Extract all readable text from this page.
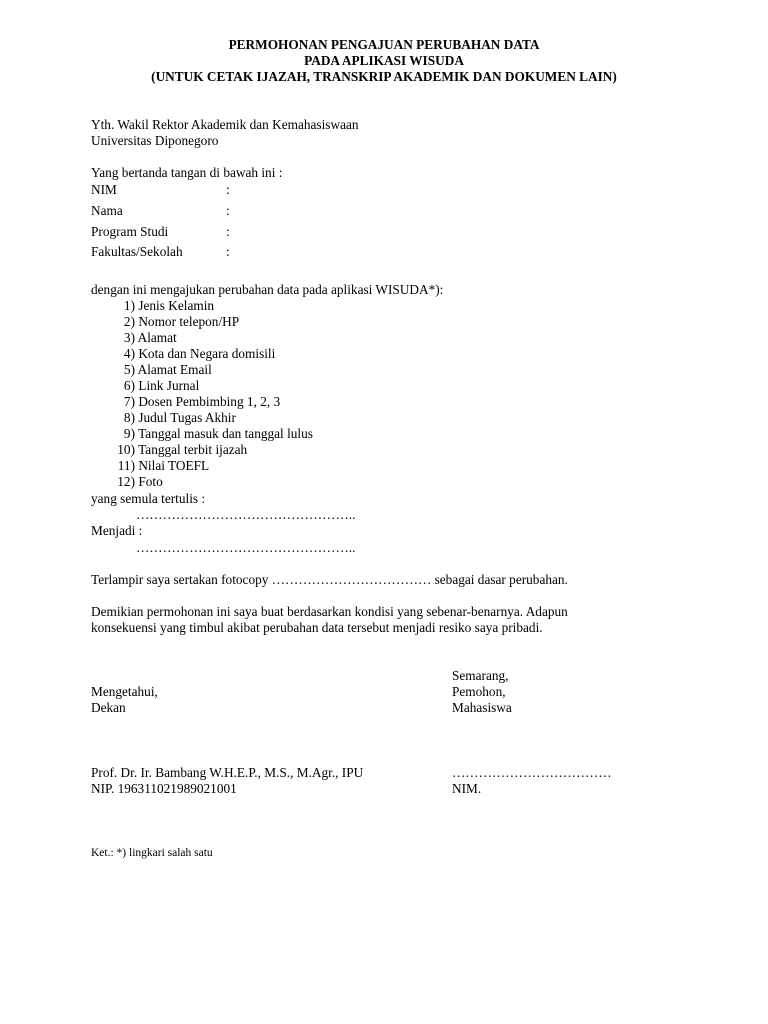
PERMOHONAN PENGAJUAN PERUBAHAN DATA
PADA APLIKASI WISUDA
(UNTUK CETAK IJAZAH, TRANSKRIP AKADEMIK DAN DOKUMEN LAIN)
Yth. Wakil Rektor Akademik dan Kemahasiswaan
Universitas Diponegoro
Yang bertanda tangan di bawah ini :
NIM	:
Nama	:
Program Studi	:
Fakultas/Sekolah	:
dengan ini mengajukan perubahan data pada aplikasi WISUDA*):
1) Jenis Kelamin
2) Nomor telepon/HP
3) Alamat
4) Kota dan Negara domisili
5) Alamat Email
6) Link Jurnal
7) Dosen Pembimbing 1, 2, 3
8) Judul Tugas Akhir
9) Tanggal masuk dan tanggal lulus
10) Tanggal terbit ijazah
11) Nilai TOEFL
12) Foto
yang semula tertulis :
…………………………………………..
Menjadi :
…………………………………………..
Terlampir saya sertakan fotocopy ……………………………… sebagai dasar perubahan.
Demikian permohonan ini saya buat berdasarkan kondisi yang sebenar-benarnya. Adapun
konsekuensi yang timbul akibat perubahan data tersebut menjadi resiko saya pribadi.
Semarang,
Mengetahui,	Pemohon,
Dekan	Mahasiswa
Prof. Dr. Ir. Bambang W.H.E.P., M.S., M.Agr., IPU	………………………………
NIP. 196311021989021001	NIM.
Ket.: *) lingkari salah satu
